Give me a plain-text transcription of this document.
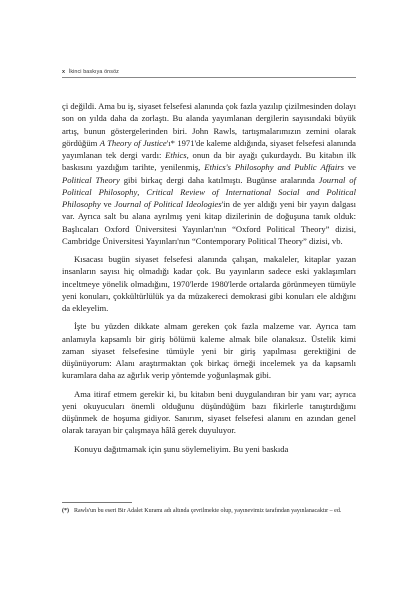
x İkinci baskıya önsöz

çi değildi. Ama bu iş, siyaset felsefesi alanında çok fazla yazılıp çizilmesinden dolayı son on yılda daha da zorlaştı. Bu alanda yayımlanan dergilerin sayısındaki büyük artış, bunun göstergelerinden biri. John Rawls, tartışmalarımızın zemini olarak gördüğüm A Theory of Justice'ı* 1971'de kaleme aldığında, siyaset felsefesi alanında yayımlanan tek dergi vardı: Ethics, onun da bir ayağı çukurdaydı. Bu kitabın ilk baskısını yazdığım tarihte, yenilenmiş, Ethics's Philosophy and Public Affairs ve Political Theory gibi birkaç dergi daha katılmıştı. Bugünse aralarında Journal of Political Philosophy, Critical Review of International Social and Political Philosophy ve Journal of Political Ideologies'in de yer aldığı yeni bir yayın dalgası var. Ayrıca salt bu alana ayrılmış yeni kitap dizilerinin de doğuşuna tanık olduk: Başlıcaları Oxford Üniversitesi Yayınları'nın “Oxford Political Theory” dizisi, Cambridge Üniversitesi Yayınları'nın “Contemporary Political Theory” dizisi, vb.

Kısacası bugün siyaset felsefesi alanında çalışan, makaleler, kitaplar yazan insanların sayısı hiç olmadığı kadar çok. Bu yayınların sadece eski yaklaşımları inceltmeye yönelik olmadığını, 1970'lerde 1980'lerde ortalarda görünmeyen tümüyle yeni konuları, çokkültürlülük ya da müzakereci demokrasi gibi konuları ele aldığını da ekleyelim.

İşte bu yüzden dikkate almam gereken çok fazla malzeme var. Ayrıca tam anlamıyla kapsamlı bir giriş bölümü kaleme almak bile olanaksız. Üstelik kimi zaman siyaset felsefesine tümüyle yeni bir giriş yapılması gerektiğini de düşünüyorum: Alanı araştırmaktan çok birkaç örneği incelemek ya da kapsamlı kuramlara daha az ağırlık verip yöntemde yoğunlaşmak gibi.

Ama itiraf etmem gerekir ki, bu kitabın beni duygulandıran bir yanı var; ayrıca yeni okuyucuları önemli olduğunu düşündüğüm bazı fikirlerle tanıştırdığımı düşünmek de hoşuma gidiyor. Sanırım, siyaset felsefesi alanını en azından genel olarak tarayan bir çalışmaya hâlâ gerek duyuluyor.

Konuyu dağıtmamak için şunu söylemeliyim. Bu yeni baskıda

(*) Rawls'un bu eseri Bir Adalet Kuramı adı altında çevrilmekte olup, yayınevimiz tarafından yayınlanacaktır – ed.
